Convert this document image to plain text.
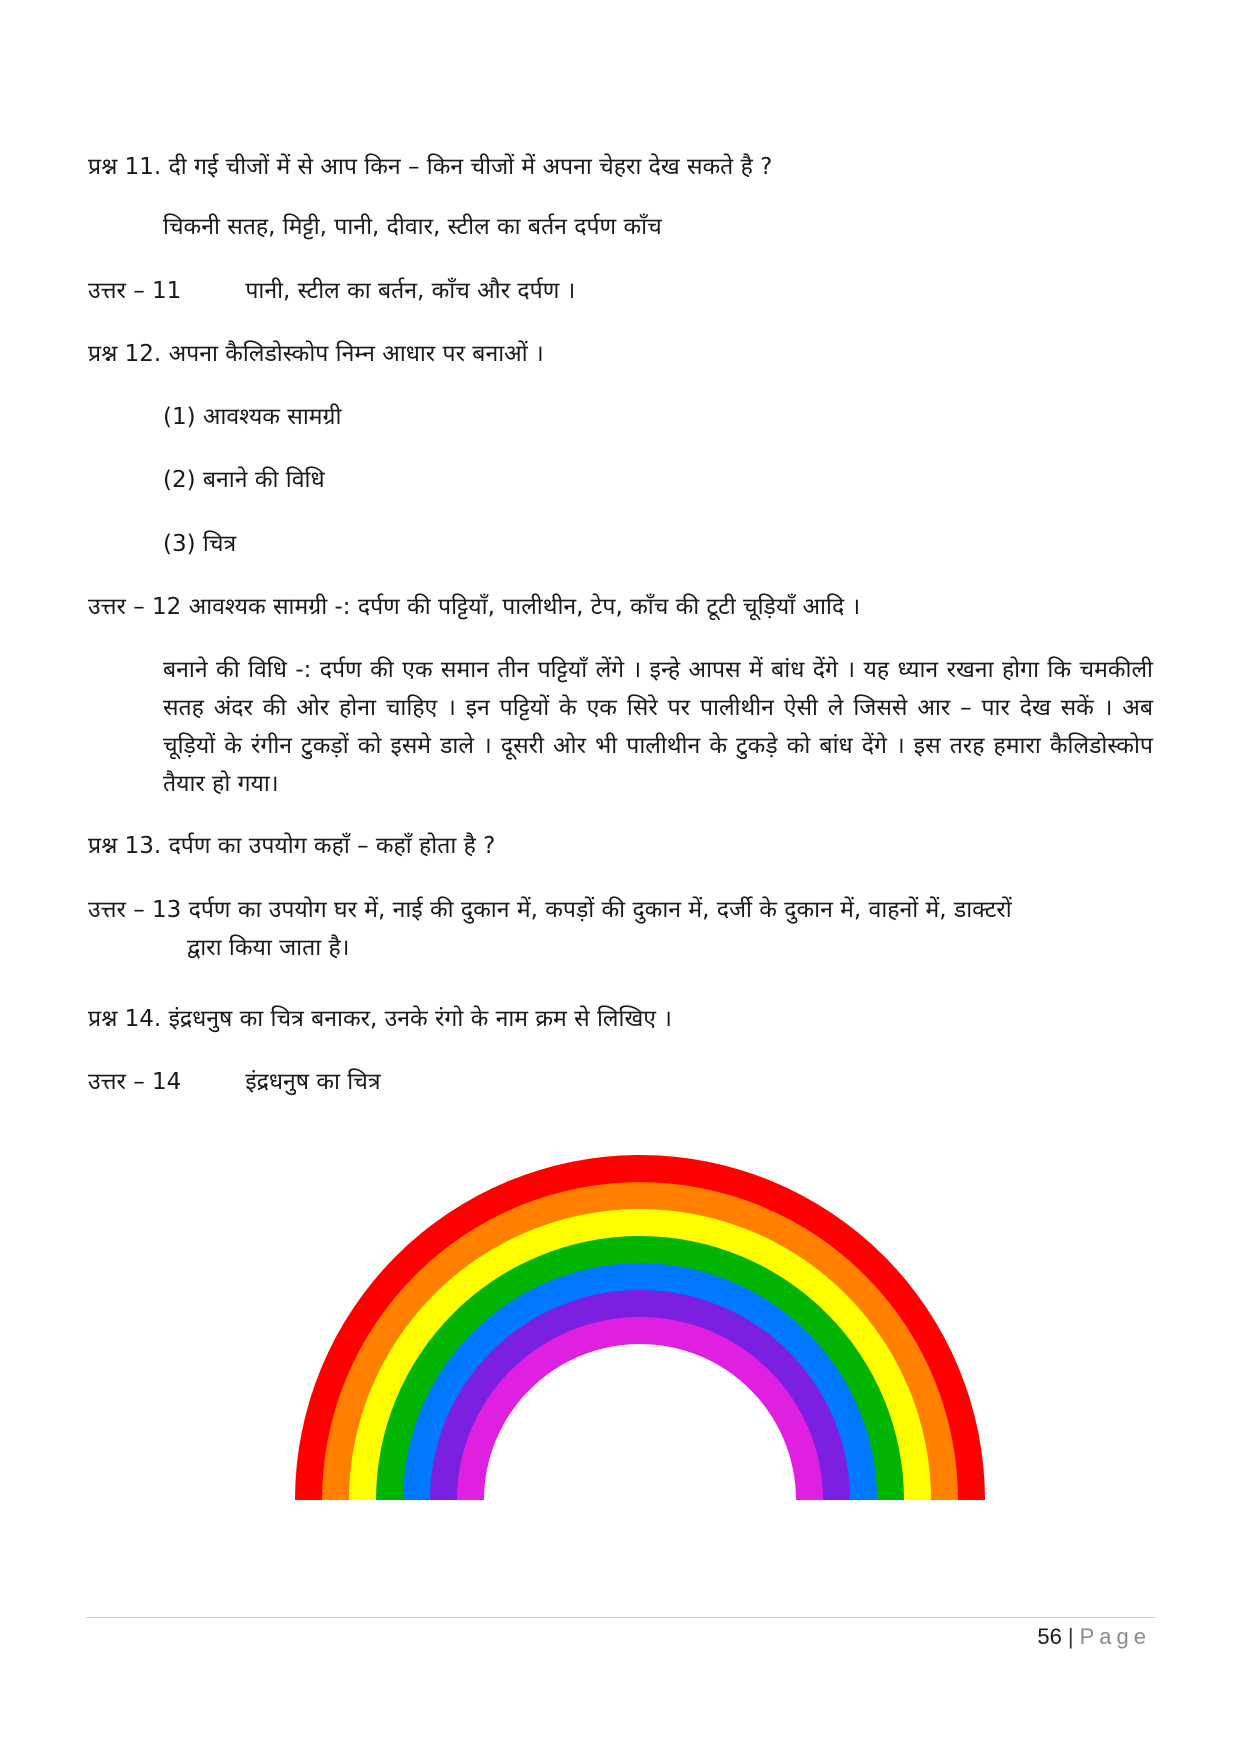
प्रश्न 11. दी गई चीजों में से आप किन – किन चीजों में अपना चेहरा देख सकते है ?
चिकनी सतह, मिट्टी, पानी, दीवार, स्टील का बर्तन दर्पण काँच
उत्तर – 11	पानी, स्टील का बर्तन, काँच और दर्पण ।
प्रश्न 12. अपना कैलिडोस्कोप निम्न आधार पर बनाओं ।
(1) आवश्यक सामग्री
(2) बनाने की विधि
(3) चित्र
उत्तर – 12 आवश्यक सामग्री -: दर्पण की पट्टियाँ, पालीथीन, टेप, काँच की टूटी चूड़ियाँ आदि ।
बनाने की विधि -: दर्पण की एक समान तीन पट्टियाँ लेंगे । इन्हे आपस में बांध देंगे । यह ध्यान रखना होगा कि चमकीली सतह अंदर की ओर होना चाहिए । इन पट्टियों के एक सिरे पर पालीथीन ऐसी ले जिससे आर – पार देख सकें । अब चूड़ियों के रंगीन टुकड़ों को इसमे डाले । दूसरी ओर भी पालीथीन के टुकड़े को बांध देंगे । इस तरह हमारा कैलिडोस्कोप तैयार हो गया।
प्रश्न 13. दर्पण का उपयोग कहाँ – कहाँ होता है ?
उत्तर – 13 दर्पण का उपयोग घर में, नाई की दुकान में, कपड़ों की दुकान में, दर्जी के दुकान में, वाहनों में, डाक्टरों
द्वारा किया जाता है।
प्रश्न 14. इंद्रधनुष का चित्र बनाकर, उनके रंगो के नाम क्रम से लिखिए ।
उत्तर – 14	इंद्रधनुष का चित्र
56 | Page
